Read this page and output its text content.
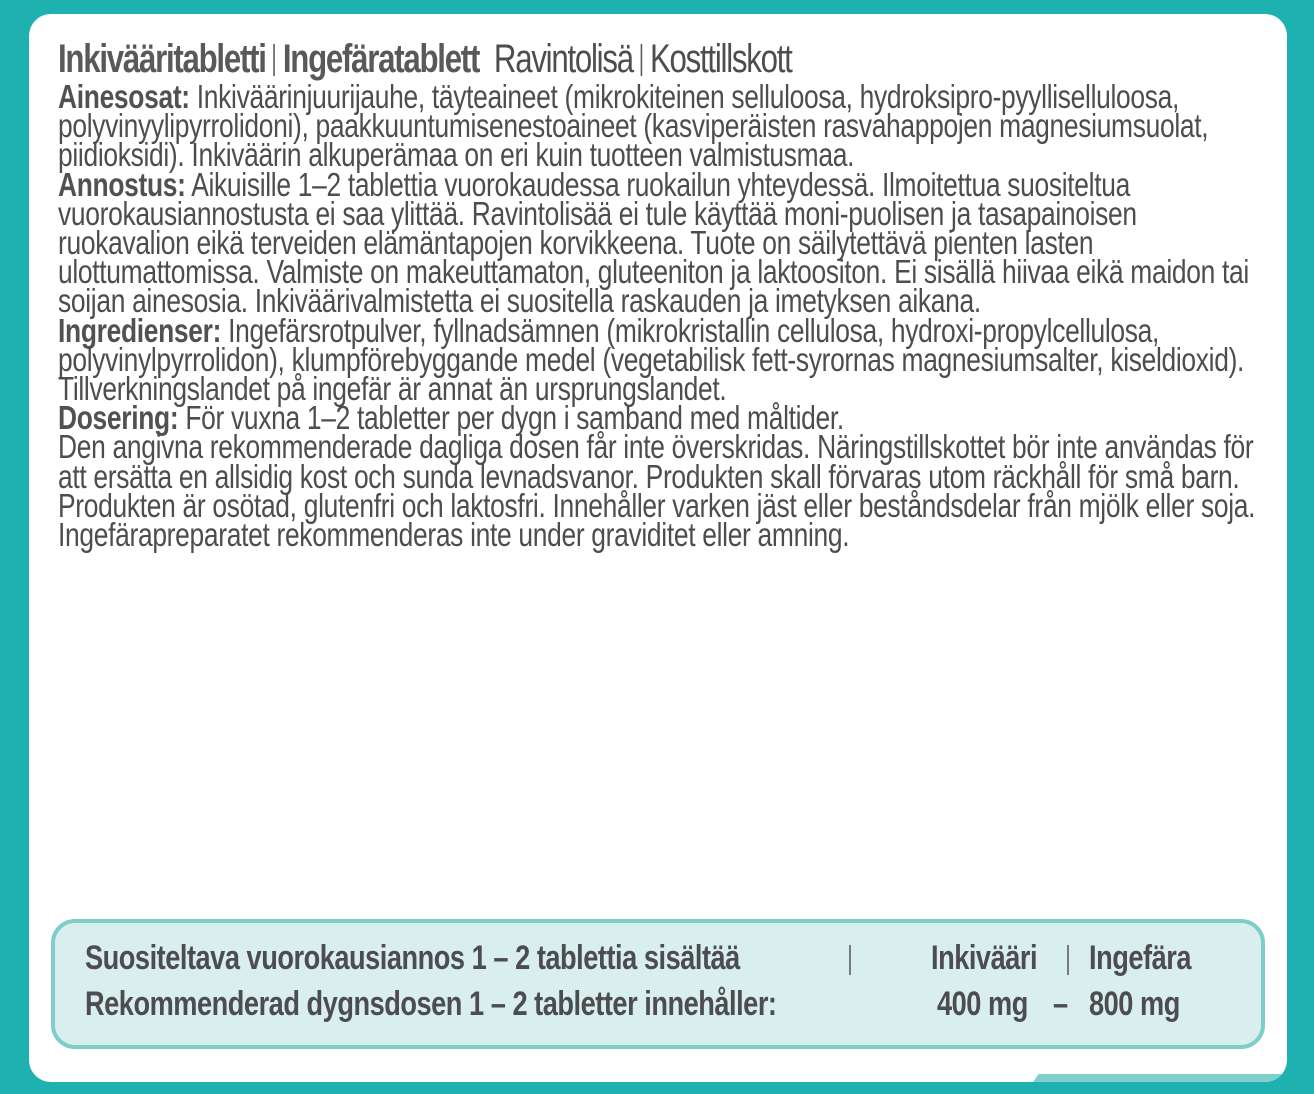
Inkivääritabletti Ingefäratablett Ravintolisä Kosttillskott

Ainesosat: Inkiväärinjuurijauhe, täyteaineet (mikrokiteinen selluloosa, hydroksipro-pyylliselluloosa, polyvinyylipyrrolidoni), paakkuuntumisenestoaineet (kasviperäisten rasvahappojen magnesiumsuolat, piidioksidi). Inkiväärin alkuperämaa on eri kuin tuotteen valmistusmaa.

Annostus: Aikuisille 1–2 tablettia vuorokaudessa ruokailun yhteydessä. Ilmoitettua suositeltua vuorokausiannostusta ei saa ylittää. Ravintolisää ei tule käyttää moni-puolisen ja tasapainoisen ruokavalion eikä terveiden elämäntapojen korvikkeena. Tuote on säilytettävä pienten lasten ulottumattomissa. Valmiste on makeuttamaton, gluteeniton ja laktoositon. Ei sisällä hiivaa eikä maidon tai soijan ainesosia. Inkiväärivalmistetta ei suositella raskauden ja imetyksen aikana.

Ingredienser: Ingefärsrotpulver, fyllnadsämnen (mikrokristallin cellulosa, hydroxi-propylcellulosa, polyvinylpyrrolidon), klumpförebyggande medel (vegetabilisk fett-syrornas magnesiumsalter, kiseldioxid). Tillverkningslandet på ingefär är annat än ursprungslandet.

Dosering: För vuxna 1–2 tabletter per dygn i samband med måltider.

Den angivna rekommenderade dagliga dosen får inte överskridas. Näringstillskottet bör inte användas för att ersätta en allsidig kost och sunda levnadsvanor. Produkten skall förvaras utom räckhåll för små barn. Produkten är osötad, glutenfri och laktosfri. Innehåller varken jäst eller beståndsdelar från mjölk eller soja. Ingefärapreparatet rekommenderas inte under graviditet eller amning.

Suositeltava vuorokausiannos 1 – 2 tablettia sisältää	Inkivääri Ingefära
Rekommenderad dygnsdosen 1 – 2 tabletter innehåller:	400 mg – 800 mg
